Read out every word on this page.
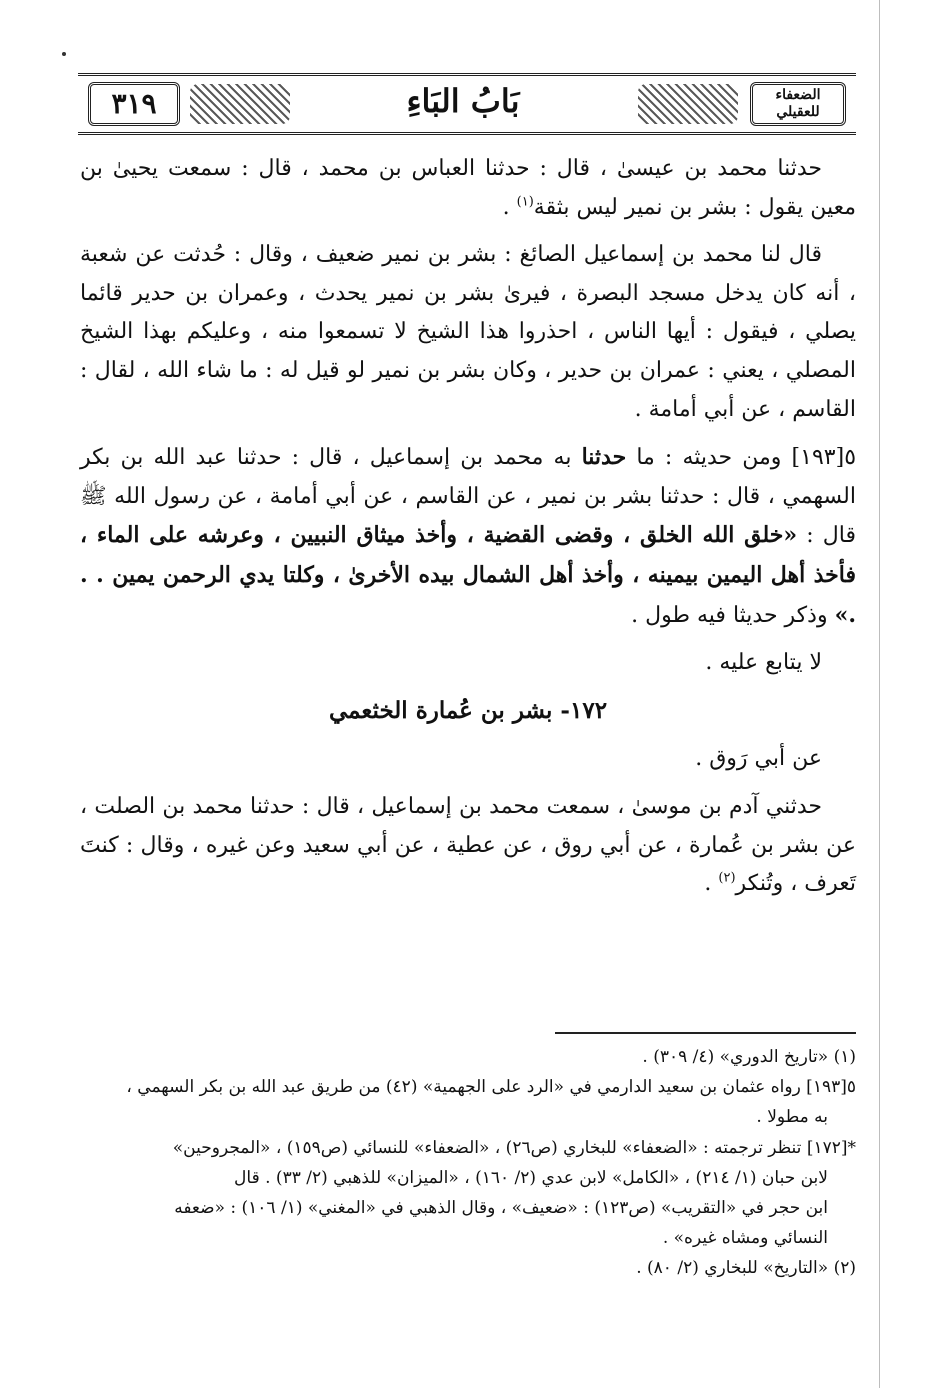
٣١٩	بَابُ البَاءِ	الضعفاء
للعقيلي

حدثنا محمد بن عيسىٰ ، قال : حدثنا العباس بن محمد ، قال : سمعت يحيىٰ بن معين يقول : بشر بن نمير ليس بثقة$^{(١)}$ .

قال لنا محمد بن إسماعيل الصائغ : بشر بن نمير ضعيف ، وقال : حُدثت عن شعبة ، أنه كان يدخل مسجد البصرة ، فيرىٰ بشر بن نمير يحدث ، وعمران بن حدير قائما يصلي ، فيقول : أيها الناس ، احذروا هذا الشيخ لا تسمعوا منه ، وعليكم بهذا الشيخ المصلي ، يعني : عمران بن حدير ، وكان بشر بن نمير لو قيل له : ما شاء الله ، لقال : القاسم ، عن أبي أمامة .

٥[١٩٣] ومن حديثه : ما حدثنا به محمد بن إسماعيل ، قال : حدثنا عبد الله بن بكر السهمي ، قال : حدثنا بشر بن نمير ، عن القاسم ، عن أبي أمامة ، عن رسول الله ﷺ قال : «خلق الله الخلق ، وقضى القضية ، وأخذ ميثاق النبيين ، وعرشه على الماء ، فأخذ أهل اليمين بيمينه ، وأخذ أهل الشمال بيده الأخرىٰ ، وكلتا يدي الرحمن يمين . . .» وذكر حديثا فيه طول .

لا يتابع عليه .

١٧٢- بشر بن عُمارة الخثعمي

عن أبي رَوق .

حدثني آدم بن موسىٰ ، سمعت محمد بن إسماعيل ، قال : حدثنا محمد بن الصلت ، عن بشر بن عُمارة ، عن أبي روق ، عن عطية ، عن أبي سعيد وعن غيره ، وقال : كنتَ تَعرف ، وتُنكر$^{(٢)}$ .

(١) «تاريخ الدوري» (٤/ ٣٠٩) .

٥[١٩٣] رواه عثمان بن سعيد الدارمي في «الرد على الجهمية» (٤٢) من طريق عبد الله بن بكر السهمي ،

به مطولا .

*[١٧٢] تنظر ترجمته : «الضعفاء» للبخاري (ص٢٦) ، «الضعفاء» للنسائي (ص١٥٩) ، «المجروحين»

لابن حبان (١/ ٢١٤) ، «الكامل» لابن عدي (٢/ ١٦٠) ، «الميزان» للذهبي (٢/ ٣٣) . قال

ابن حجر في «التقريب» (ص١٢٣) : «ضعيف» ، وقال الذهبي في «المغني» (١/ ١٠٦) : «ضعفه

النسائي ومشاه غيره» .

(٢) «التاريخ» للبخاري (٢/ ٨٠) .
